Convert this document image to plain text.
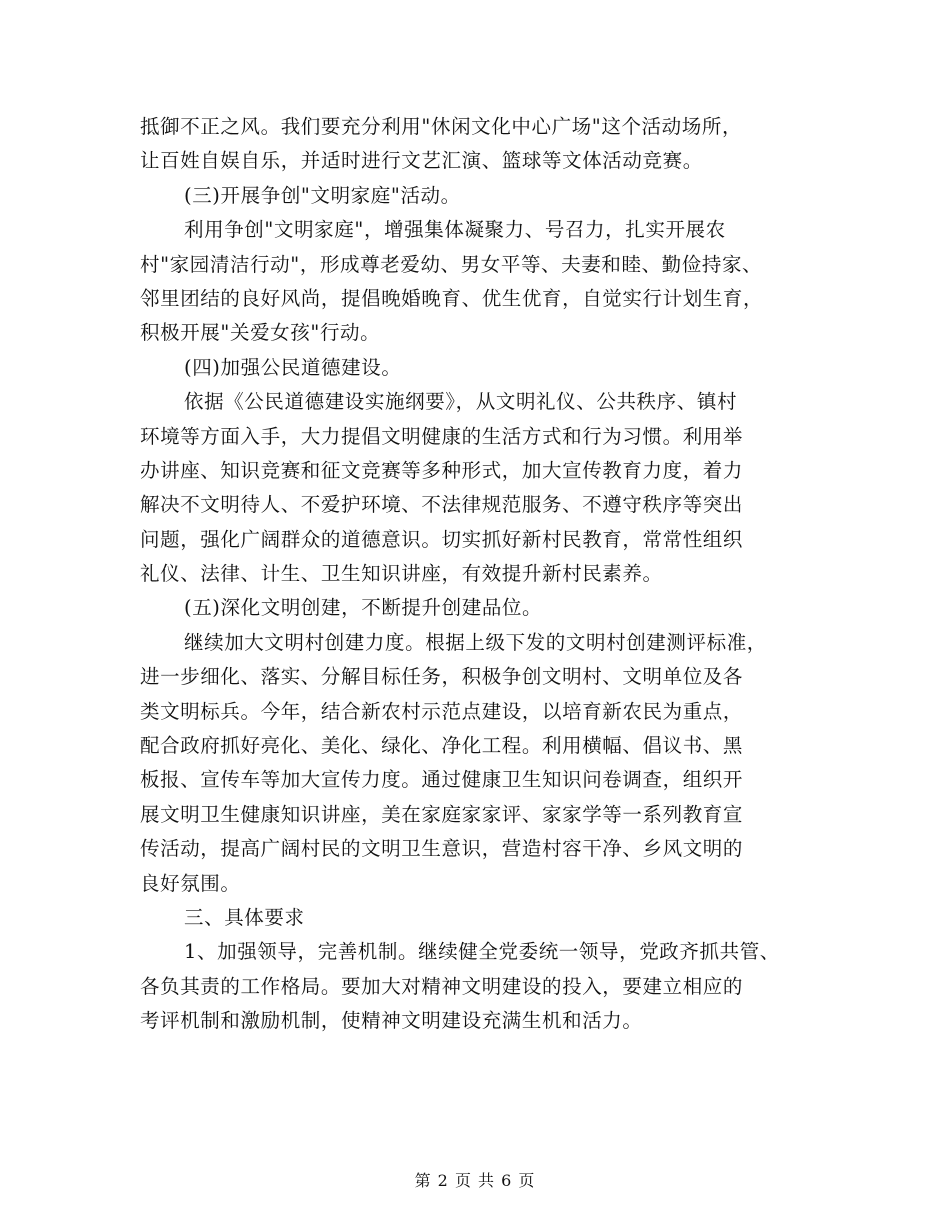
抵御不正之风。我们要充分利用"休闲文化中心广场"这个活动场所，
让百姓自娱自乐，并适时进行文艺汇演、篮球等文体活动竞赛。
(三)开展争创"文明家庭"活动。
利用争创"文明家庭"，增强集体凝聚力、号召力，扎实开展农
村"家园清洁行动"，形成尊老爱幼、男女平等、夫妻和睦、勤俭持家、
邻里团结的良好风尚，提倡晚婚晚育、优生优育，自觉实行计划生育，
积极开展"关爱女孩"行动。
(四)加强公民道德建设。
依据《公民道德建设实施纲要》，从文明礼仪、公共秩序、镇村
环境等方面入手，大力提倡文明健康的生活方式和行为习惯。利用举
办讲座、知识竞赛和征文竞赛等多种形式，加大宣传教育力度，着力
解决不文明待人、不爱护环境、不法律规范服务、不遵守秩序等突出
问题，强化广阔群众的道德意识。切实抓好新村民教育，常常性组织
礼仪、法律、计生、卫生知识讲座，有效提升新村民素养。
(五)深化文明创建，不断提升创建品位。
继续加大文明村创建力度。根据上级下发的文明村创建测评标准，
进一步细化、落实、分解目标任务，积极争创文明村、文明单位及各
类文明标兵。今年，结合新农村示范点建设，以培育新农民为重点，
配合政府抓好亮化、美化、绿化、净化工程。利用横幅、倡议书、黑
板报、宣传车等加大宣传力度。通过健康卫生知识问卷调查，组织开
展文明卫生健康知识讲座，美在家庭家家评、家家学等一系列教育宣
传活动，提高广阔村民的文明卫生意识，营造村容干净、乡风文明的
良好氛围。
三、具体要求
1、加强领导，完善机制。继续健全党委统一领导，党政齐抓共管、
各负其责的工作格局。要加大对精神文明建设的投入，要建立相应的
考评机制和激励机制，使精神文明建设充满生机和活力。
第 2 页 共 6 页
